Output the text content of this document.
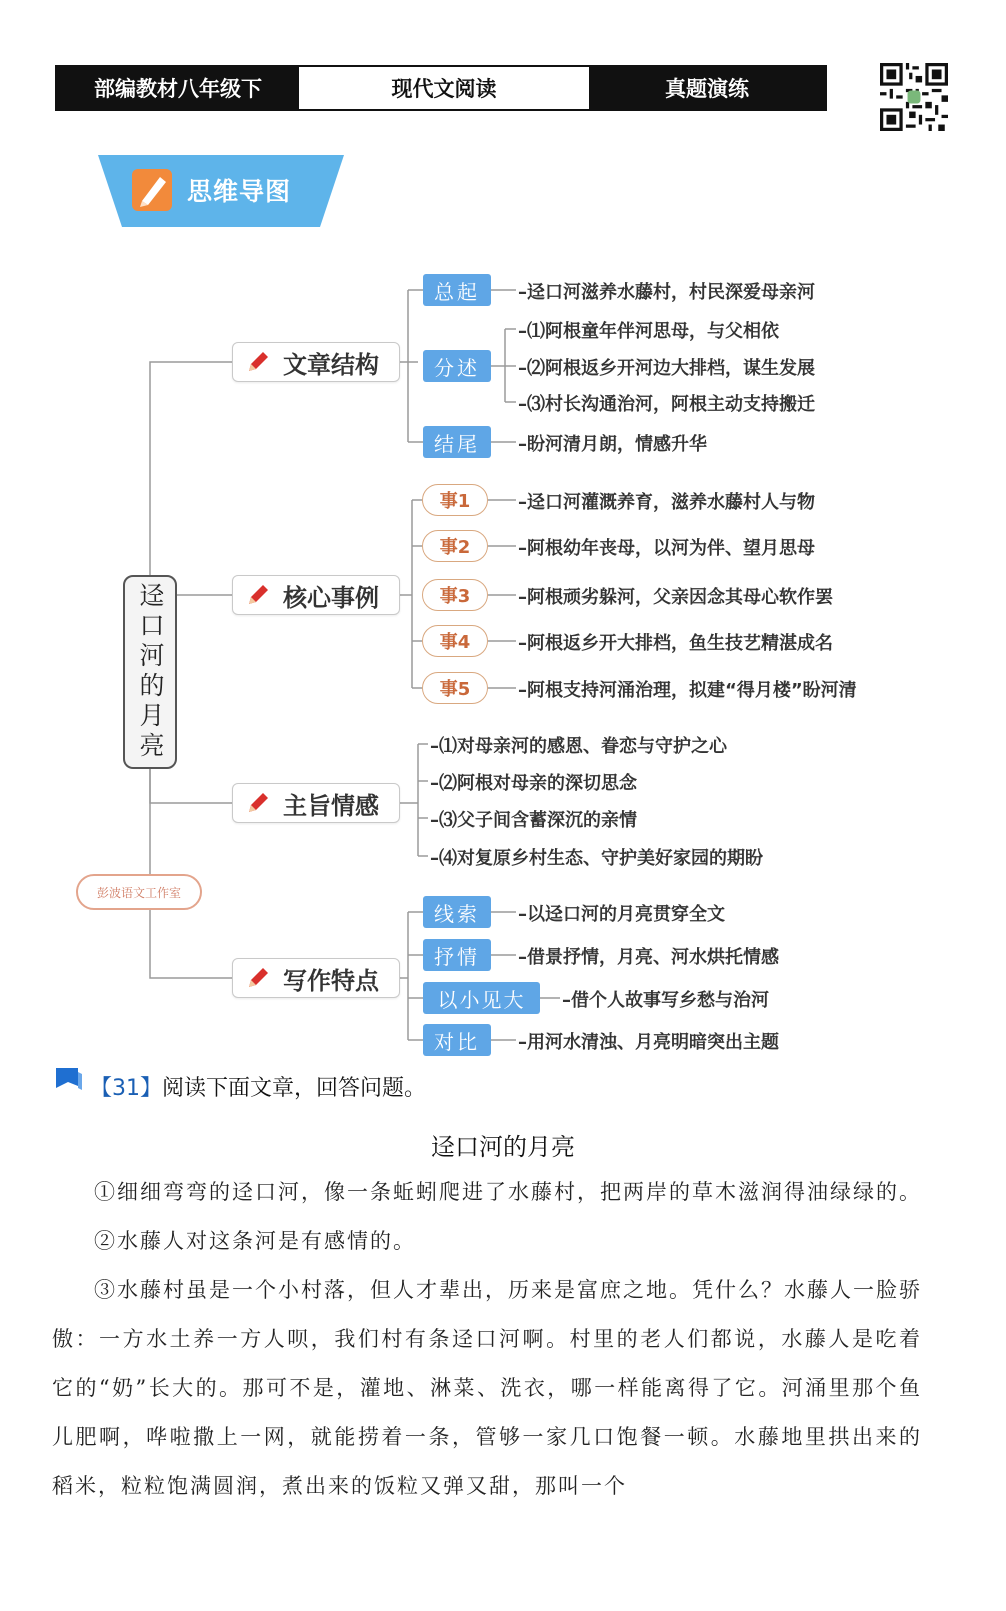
部编教材八年级下	现代文阅读	真题演练
思维导图
迳口河的月亮
文章结构
核心事例
主旨情感
写作特点
总起	–迳口河滋养水藤村，村民深爱母亲河
分述
–⑴阿根童年伴河思母，与父相依
–⑵阿根返乡开河边大排档，谋生发展
–⑶村长沟通治河，阿根主动支持搬迁
结尾	–盼河清月朗，情感升华
事1	–迳口河灌溉养育，滋养水藤村人与物
事2	–阿根幼年丧母，以河为伴、望月思母
事3	–阿根顽劣躲河，父亲因念其母心软作罢
事4	–阿根返乡开大排档，鱼生技艺精湛成名
事5	–阿根支持河涌治理，拟建“得月楼”盼河清
–⑴对母亲河的感恩、眷恋与守护之心
–⑵阿根对母亲的深切思念
–⑶父子间含蓄深沉的亲情
–⑷对复原乡村生态、守护美好家园的期盼
线索	–以迳口河的月亮贯穿全文
抒情	–借景抒情，月亮、河水烘托情感
以小见大	–借个人故事写乡愁与治河
对比	–用河水清浊、月亮明暗突出主题
彭波语文工作室
【31】阅读下面文章，回答问题。
迳口河的月亮

①细细弯弯的迳口河，像一条蚯蚓爬进了水藤村，把两岸的草木滋润得油绿绿的。

②水藤人对这条河是有感情的。

③水藤村虽是一个小村落，但人才辈出，历来是富庶之地。凭什么？水藤人一脸骄傲：一方水土养一方人呗，我们村有条迳口河啊。村里的老人们都说，水藤人是吃着它的“奶”长大的。那可不是，灌地、淋菜、洗衣，哪一样能离得了它。河涌里那个鱼儿肥啊，哗啦撒上一网，就能捞着一条，管够一家几口饱餐一顿。水藤地里拱出来的稻米，粒粒饱满圆润，煮出来的饭粒又弹又甜，那叫一个
